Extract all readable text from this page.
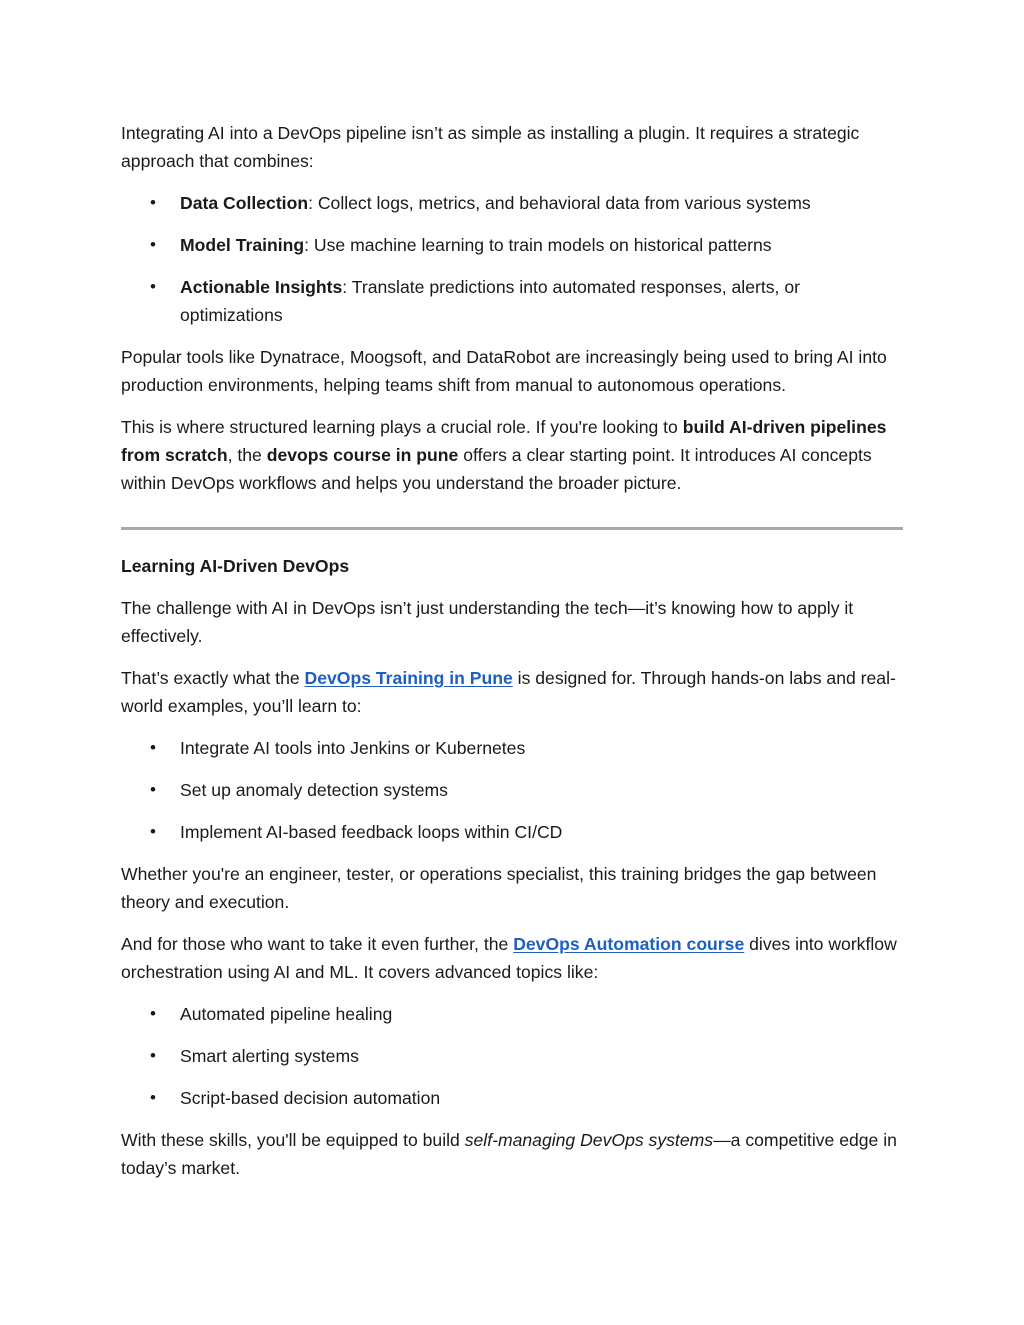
Integrating AI into a DevOps pipeline isn’t as simple as installing a plugin. It requires a strategic approach that combines:

• Data Collection: Collect logs, metrics, and behavioral data from various systems
• Model Training: Use machine learning to train models on historical patterns
• Actionable Insights: Translate predictions into automated responses, alerts, or optimizations

Popular tools like Dynatrace, Moogsoft, and DataRobot are increasingly being used to bring AI into production environments, helping teams shift from manual to autonomous operations.

This is where structured learning plays a crucial role. If you're looking to build AI-driven pipelines from scratch, the devops course in pune offers a clear starting point. It introduces AI concepts within DevOps workflows and helps you understand the broader picture.

Learning AI-Driven DevOps

The challenge with AI in DevOps isn’t just understanding the tech—it’s knowing how to apply it effectively.

That’s exactly what the DevOps Training in Pune is designed for. Through hands-on labs and real-world examples, you’ll learn to:

• Integrate AI tools into Jenkins or Kubernetes
• Set up anomaly detection systems
• Implement AI-based feedback loops within CI/CD

Whether you're an engineer, tester, or operations specialist, this training bridges the gap between theory and execution.

And for those who want to take it even further, the DevOps Automation course dives into workflow orchestration using AI and ML. It covers advanced topics like:

• Automated pipeline healing
• Smart alerting systems
• Script-based decision automation

With these skills, you'll be equipped to build self-managing DevOps systems—a competitive edge in today’s market.
